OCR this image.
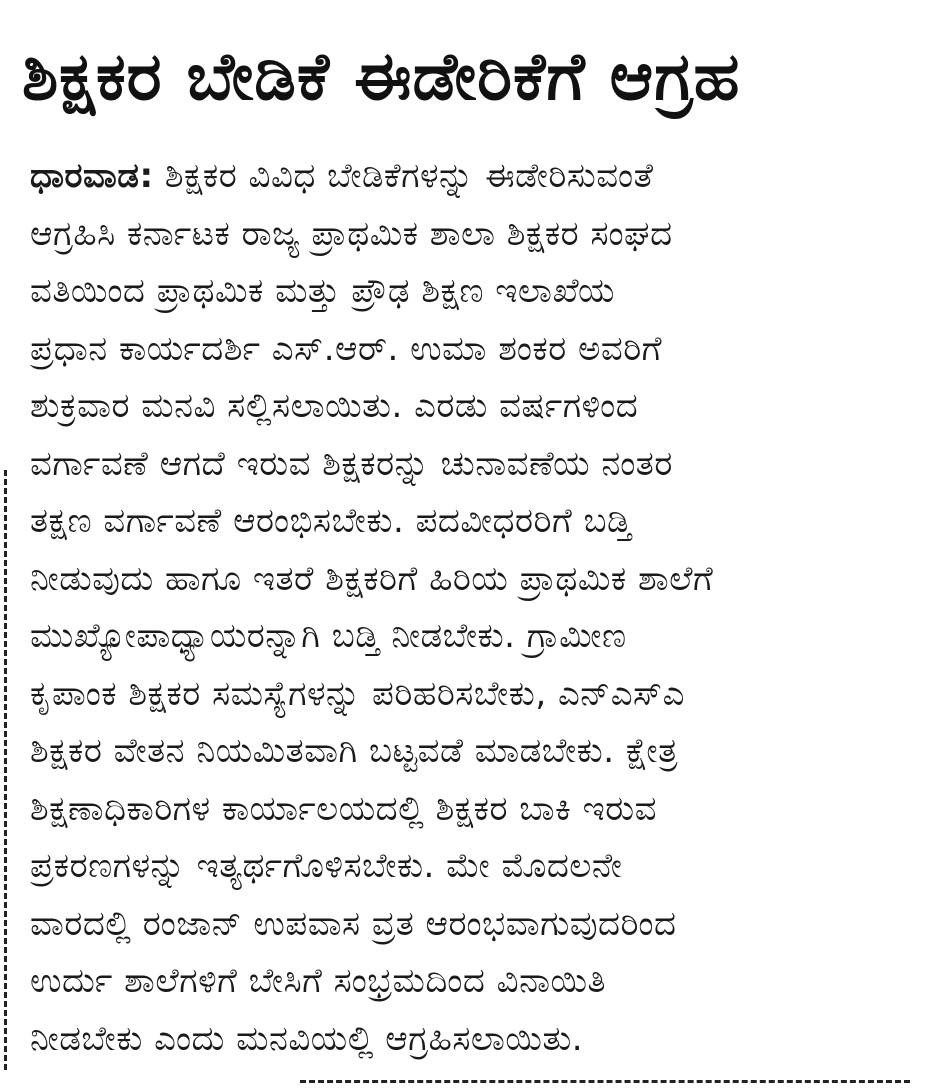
ಶಿಕ್ಷಕರ ಬೇಡಿಕೆ ಈಡೇರಿಕೆಗೆ ಆಗ್ರಹ
ಧಾರವಾಡ: ಶಿಕ್ಷಕರ ವಿವಿಧ ಬೇಡಿಕೆಗಳನ್ನು ಈಡೇರಿಸುವಂತೆ
ಆಗ್ರಹಿಸಿ ಕರ್ನಾಟಕ ರಾಜ್ಯ ಪ್ರಾಥಮಿಕ ಶಾಲಾ ಶಿಕ್ಷಕರ ಸಂಘದ
ವತಿಯಿಂದ ಪ್ರಾಥಮಿಕ ಮತ್ತು ಪ್ರೌಢ ಶಿಕ್ಷಣ ಇಲಾಖೆಯ
ಪ್ರಧಾನ ಕಾರ್ಯದರ್ಶಿ ಎಸ್.ಆರ್. ಉಮಾ ಶಂಕರ ಅವರಿಗೆ
ಶುಕ್ರವಾರ ಮನವಿ ಸಲ್ಲಿಸಲಾಯಿತು. ಎರಡು ವರ್ಷಗಳಿಂದ
ವರ್ಗಾವಣೆ ಆಗದೆ ಇರುವ ಶಿಕ್ಷಕರನ್ನು ಚುನಾವಣೆಯ ನಂತರ
ತಕ್ಷಣ ವರ್ಗಾವಣೆ ಆರಂಭಿಸಬೇಕು. ಪದವೀಧರರಿಗೆ ಬಡ್ತಿ
ನೀಡುವುದು ಹಾಗೂ ಇತರೆ ಶಿಕ್ಷಕರಿಗೆ ಹಿರಿಯ ಪ್ರಾಥಮಿಕ ಶಾಲೆಗೆ
ಮುಖ್ಯೋಪಾಧ್ಯಾಯರನ್ನಾಗಿ ಬಡ್ತಿ ನೀಡಬೇಕು. ಗ್ರಾಮೀಣ
ಕೃಪಾಂಕ ಶಿಕ್ಷಕರ ಸಮಸ್ಯೆಗಳನ್ನು ಪರಿಹರಿಸಬೇಕು, ಎನ್‌ಎಸ್‌ಎ
ಶಿಕ್ಷಕರ ವೇತನ ನಿಯಮಿತವಾಗಿ ಬಟ್ಟವಡೆ ಮಾಡಬೇಕು. ಕ್ಷೇತ್ರ
ಶಿಕ್ಷಣಾಧಿಕಾರಿಗಳ ಕಾರ್ಯಾಲಯದಲ್ಲಿ ಶಿಕ್ಷಕರ ಬಾಕಿ ಇರುವ
ಪ್ರಕರಣಗಳನ್ನು ಇತ್ಯರ್ಥಗೊಳಿಸಬೇಕು. ಮೇ ಮೊದಲನೇ
ವಾರದಲ್ಲಿ ರಂಜಾನ್ ಉಪವಾಸ ವ್ರತ ಆರಂಭವಾಗುವುದರಿಂದ
ಉರ್ದು ಶಾಲೆಗಳಿಗೆ ಬೇಸಿಗೆ ಸಂಭ್ರಮದಿಂದ ವಿನಾಯಿತಿ
ನೀಡಬೇಕು ಎಂದು ಮನವಿಯಲ್ಲಿ ಆಗ್ರಹಿಸಲಾಯಿತು.
